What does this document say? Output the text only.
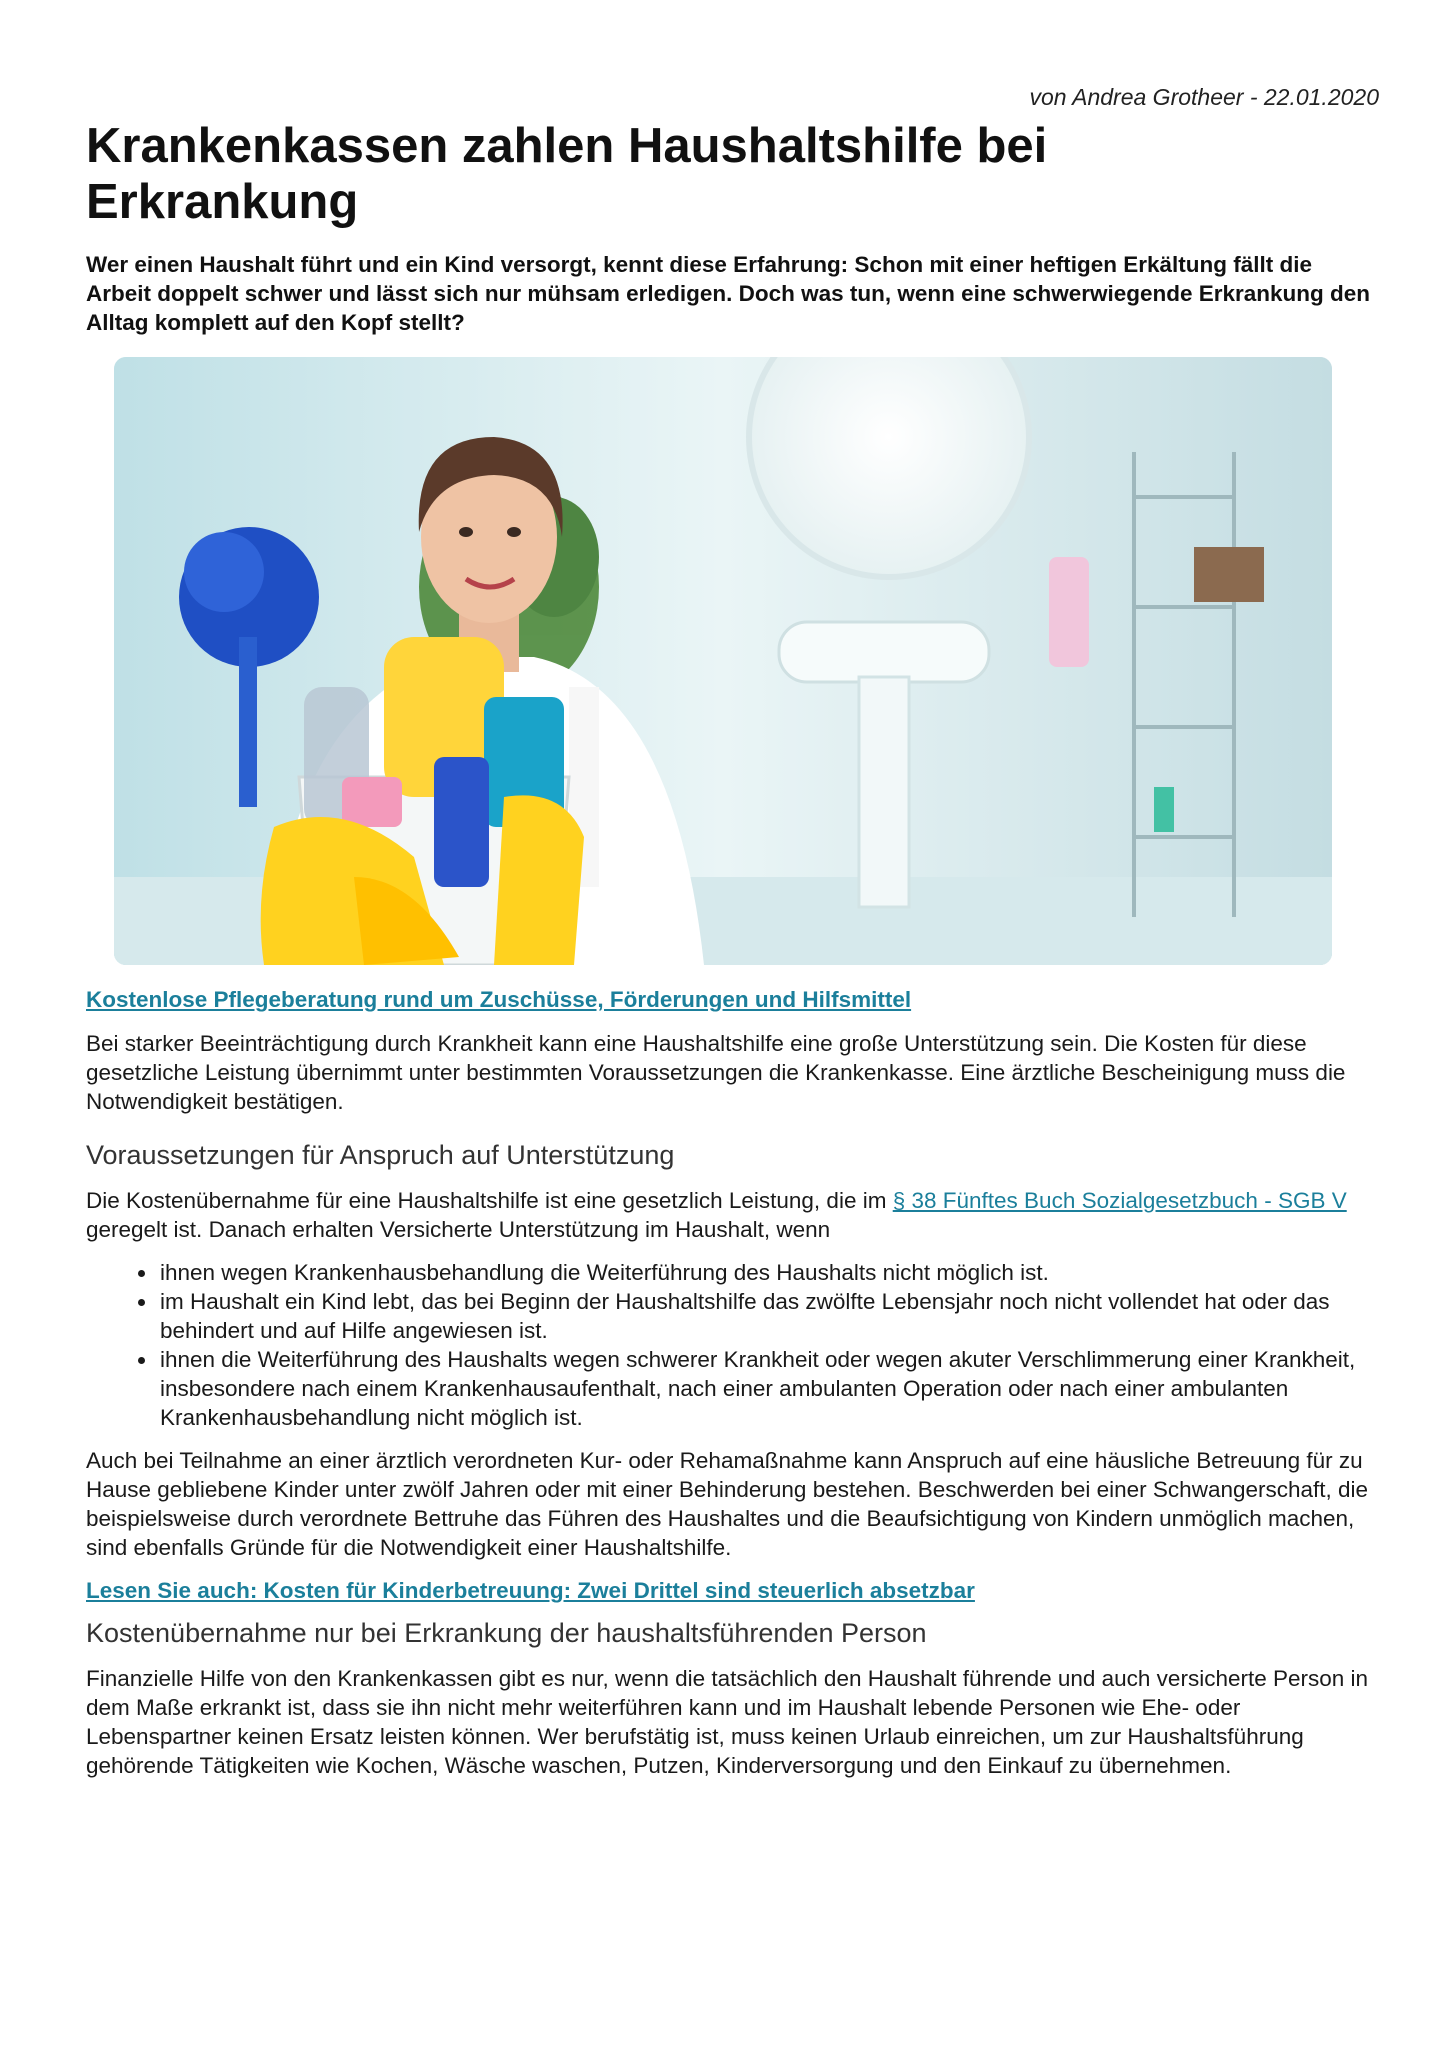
von Andrea Grotheer - 22.01.2020
Krankenkassen zahlen Haushaltshilfe bei Erkrankung

Wer einen Haushalt führt und ein Kind versorgt, kennt diese Erfahrung: Schon mit einer heftigen Erkältung fällt die Arbeit doppelt schwer und lässt sich nur mühsam erledigen. Doch was tun, wenn eine schwerwiegende Erkrankung den Alltag komplett auf den Kopf stellt?

Kostenlose Pflegeberatung rund um Zuschüsse, Förderungen und Hilfsmittel

Bei starker Beeinträchtigung durch Krankheit kann eine Haushaltshilfe eine große Unterstützung sein. Die Kosten für diese gesetzliche Leistung übernimmt unter bestimmten Voraussetzungen die Krankenkasse. Eine ärztliche Bescheinigung muss die Notwendigkeit bestätigen.

Voraussetzungen für Anspruch auf Unterstützung

Die Kostenübernahme für eine Haushaltshilfe ist eine gesetzlich Leistung, die im § 38 Fünftes Buch Sozialgesetzbuch - SGB V geregelt ist. Danach erhalten Versicherte Unterstützung im Haushalt, wenn

• ihnen wegen Krankenhausbehandlung die Weiterführung des Haushalts nicht möglich ist.
• im Haushalt ein Kind lebt, das bei Beginn der Haushaltshilfe das zwölfte Lebensjahr noch nicht vollendet hat oder das behindert und auf Hilfe angewiesen ist.
• ihnen die Weiterführung des Haushalts wegen schwerer Krankheit oder wegen akuter Verschlimmerung einer Krankheit, insbesondere nach einem Krankenhausaufenthalt, nach einer ambulanten Operation oder nach einer ambulanten Krankenhausbehandlung nicht möglich ist.

Auch bei Teilnahme an einer ärztlich verordneten Kur- oder Rehamaßnahme kann Anspruch auf eine häusliche Betreuung für zu Hause gebliebene Kinder unter zwölf Jahren oder mit einer Behinderung bestehen. Beschwerden bei einer Schwangerschaft, die beispielsweise durch verordnete Bettruhe das Führen des Haushaltes und die Beaufsichtigung von Kindern unmöglich machen, sind ebenfalls Gründe für die Notwendigkeit einer Haushaltshilfe.

Lesen Sie auch: Kosten für Kinderbetreuung: Zwei Drittel sind steuerlich absetzbar
Kostenübernahme nur bei Erkrankung der haushaltsführenden Person

Finanzielle Hilfe von den Krankenkassen gibt es nur, wenn die tatsächlich den Haushalt führende und auch versicherte Person in dem Maße erkrankt ist, dass sie ihn nicht mehr weiterführen kann und im Haushalt lebende Personen wie Ehe- oder Lebenspartner keinen Ersatz leisten können. Wer berufstätig ist, muss keinen Urlaub einreichen, um zur Haushaltsführung gehörende Tätigkeiten wie Kochen, Wäsche waschen, Putzen, Kinderversorgung und den Einkauf zu übernehmen.
